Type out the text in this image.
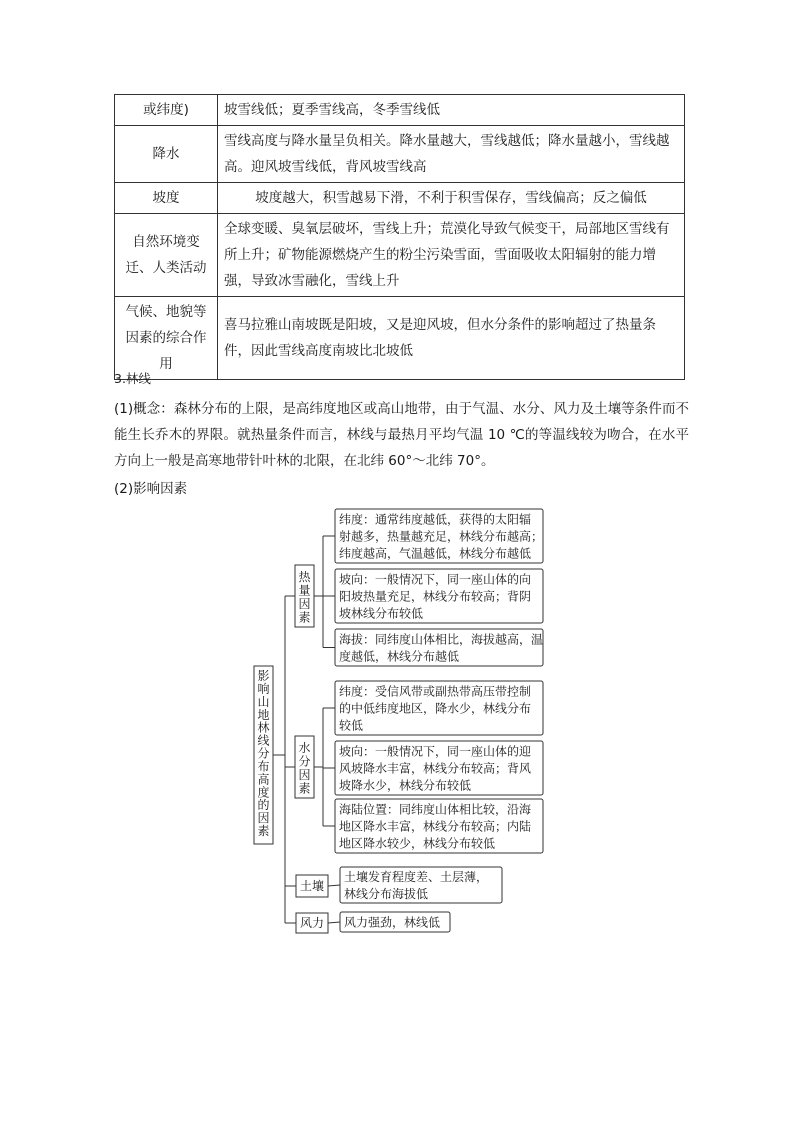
或纬度)	坡雪线低；夏季雪线高，冬季雪线低
降水	雪线高度与降水量呈负相关。降水量越大，雪线越低；降水量越小，雪线越高。迎风坡雪线低，背风坡雪线高
坡度	坡度越大，积雪越易下滑，不利于积雪保存，雪线偏高；反之偏低
自然环境变迁、人类活动	全球变暖、臭氧层破坏，雪线上升；荒漠化导致气候变干，局部地区雪线有所上升；矿物能源燃烧产生的粉尘污染雪面，雪面吸收太阳辐射的能力增强，导致冰雪融化，雪线上升
气候、地貌等因素的综合作用	喜马拉雅山南坡既是阳坡，又是迎风坡，但水分条件的影响超过了热量条件，因此雪线高度南坡比北坡低
3.林线
(1)概念：森林分布的上限，是高纬度地区或高山地带，由于气温、水分、风力及土壤等条件而不能生长乔木的界限。就热量条件而言，林线与最热月平均气温 10 ℃的等温线较为吻合，在水平方向上一般是高寒地带针叶林的北限，在北纬 60°～北纬 70°。
(2)影响因素
影
响
山
地
林
线
分
布
高
度
的
因
素
热
量
因
素
纬度：通常纬度越低，获得的太阳辐
射越多，热量越充足，林线分布越高；
纬度越高，气温越低，林线分布越低
坡向：一般情况下，同一座山体的向
阳坡热量充足，林线分布较高；背阴
坡林线分布较低
海拔：同纬度山体相比，海拔越高，温
度越低，林线分布越低
水
分
因
素
纬度：受信风带或副热带高压带控制
的中低纬度地区，降水少，林线分布
较低
坡向：一般情况下，同一座山体的迎
风坡降水丰富，林线分布较高；背风
坡降水少，林线分布较低
海陆位置：同纬度山体相比较，沿海
地区降水丰富，林线分布较高；内陆
地区降水较少，林线分布较低
土壤
土壤发育程度差、土层薄，
林线分布海拔低
风力 风力强劲，林线低
